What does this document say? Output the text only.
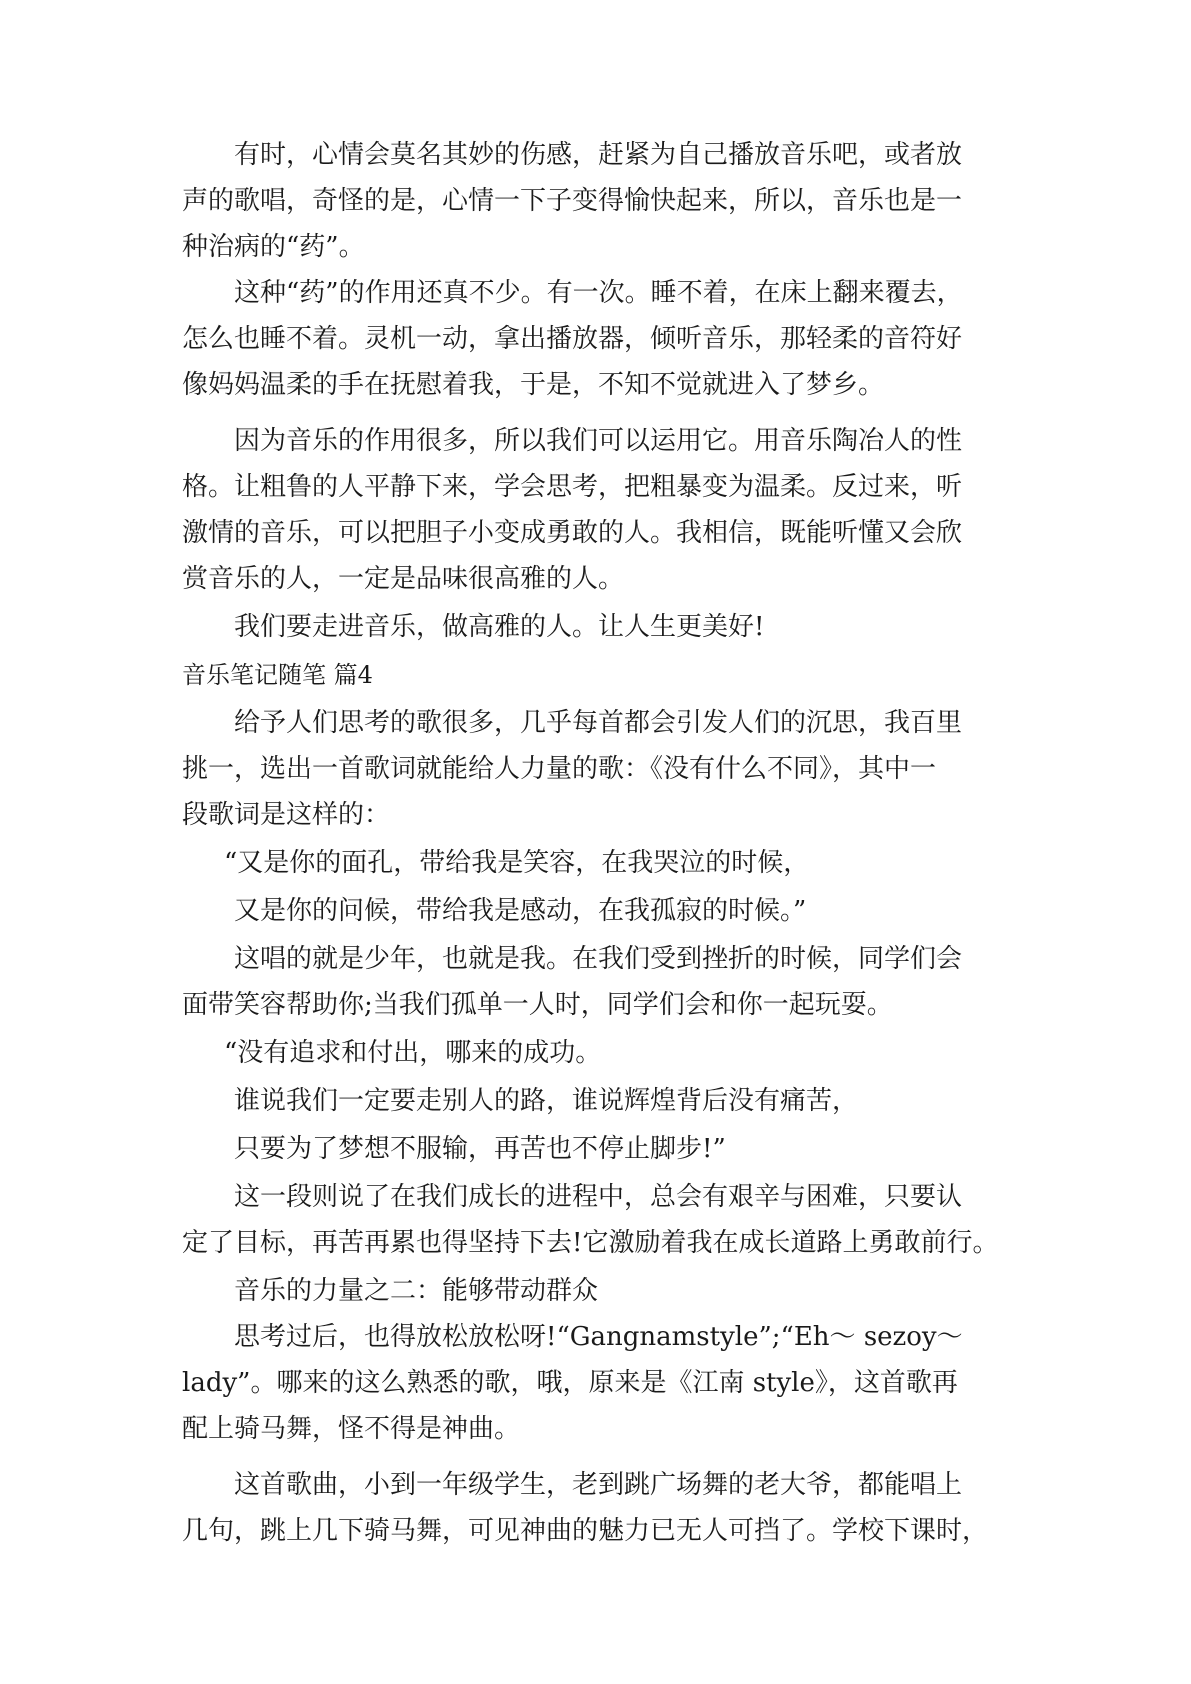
有时，心情会莫名其妙的伤感，赶紧为自己播放音乐吧，或者放
声的歌唱，奇怪的是，心情一下子变得愉快起来，所以，音乐也是一
种治病的“药”。
这种“药”的作用还真不少。有一次。睡不着，在床上翻来覆去，
怎么也睡不着。灵机一动，拿出播放器，倾听音乐，那轻柔的音符好
像妈妈温柔的手在抚慰着我，于是，不知不觉就进入了梦乡。
因为音乐的作用很多，所以我们可以运用它。用音乐陶冶人的性
格。让粗鲁的人平静下来，学会思考，把粗暴变为温柔。反过来，听
激情的音乐，可以把胆子小变成勇敢的人。我相信，既能听懂又会欣
赏音乐的人，一定是品味很高雅的人。
我们要走进音乐，做高雅的人。让人生更美好!
音乐笔记随笔 篇4
给予人们思考的歌很多，几乎每首都会引发人们的沉思，我百里
挑一，选出一首歌词就能给人力量的歌：《没有什么不同》，其中一
段歌词是这样的：
“又是你的面孔，带给我是笑容，在我哭泣的时候，
又是你的问候，带给我是感动，在我孤寂的时候。”
这唱的就是少年，也就是我。在我们受到挫折的时候，同学们会
面带笑容帮助你;当我们孤单一人时，同学们会和你一起玩耍。
“没有追求和付出，哪来的成功。
谁说我们一定要走别人的路，谁说辉煌背后没有痛苦，
只要为了梦想不服输，再苦也不停止脚步!”
这一段则说了在我们成长的进程中，总会有艰辛与困难，只要认
定了目标，再苦再累也得坚持下去!它激励着我在成长道路上勇敢前行。
音乐的力量之二：能够带动群众
思考过后，也得放松放松呀!“Gangnamstyle”;“Eh～ sezoy～
lady”。哪来的这么熟悉的歌，哦，原来是《江南 style》，这首歌再
配上骑马舞，怪不得是神曲。
这首歌曲，小到一年级学生，老到跳广场舞的老大爷，都能唱上
几句，跳上几下骑马舞，可见神曲的魅力已无人可挡了。学校下课时，
